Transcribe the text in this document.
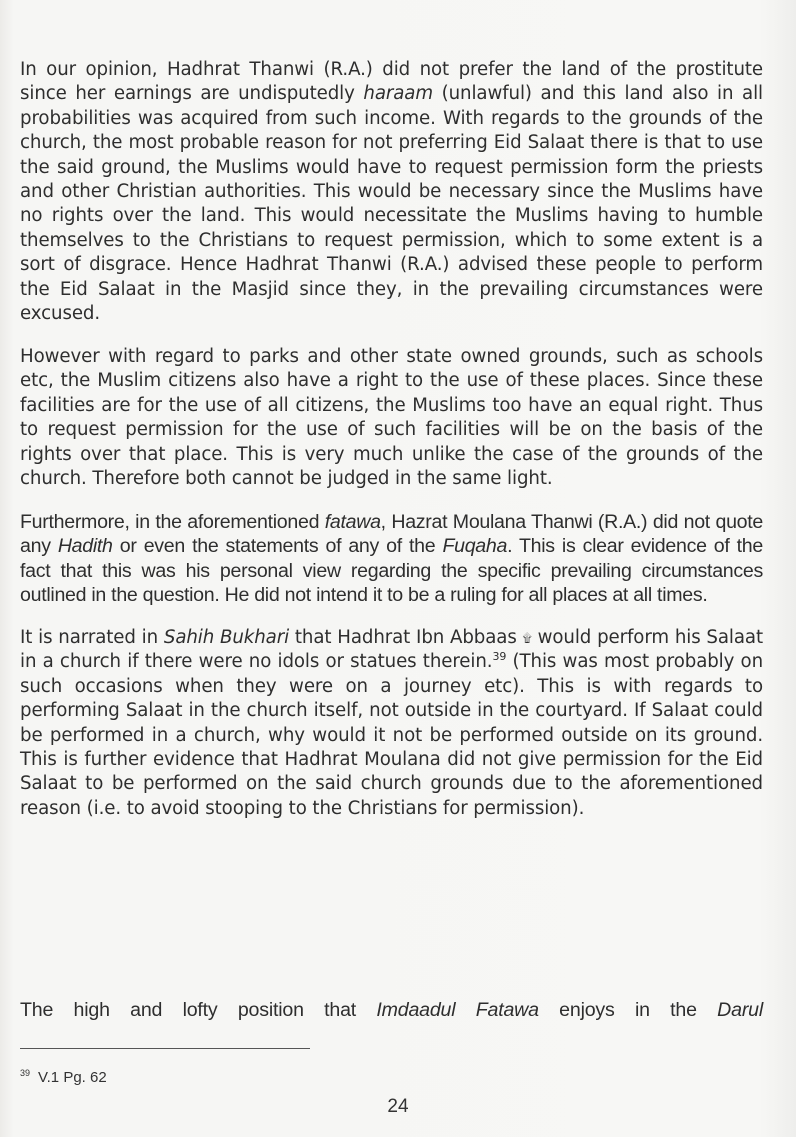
In our opinion, Hadhrat Thanwi (R.A.) did not prefer the land of the prostitute since her earnings are undisputedly haraam (unlawful) and this land also in all probabilities was acquired from such income. With regards to the grounds of the church, the most probable reason for not preferring Eid Salaat there is that to use the said ground, the Muslims would have to request permission form the priests and other Christian authorities. This would be necessary since the Muslims have no rights over the land. This would necessitate the Muslims having to humble themselves to the Christians to request permission, which to some extent is a sort of disgrace. Hence Hadhrat Thanwi (R.A.) advised these people to perform the Eid Salaat in the Masjid since they, in the prevailing circumstances were excused.

However with regard to parks and other state owned grounds, such as schools etc, the Muslim citizens also have a right to the use of these places. Since these facilities are for the use of all citizens, the Muslims too have an equal right. Thus to request permission for the use of such facilities will be on the basis of the rights over that place. This is very much unlike the case of the grounds of the church. Therefore both cannot be judged in the same light.

Furthermore, in the aforementioned fatawa, Hazrat Moulana Thanwi (R.A.) did not quote any Hadith or even the statements of any of the Fuqaha. This is clear evidence of the fact that this was his personal view regarding the specific prevailing circumstances outlined in the question. He did not intend it to be a ruling for all places at all times.

It is narrated in Sahih Bukhari that Hadhrat Ibn Abbaas ۩ would perform his Salaat in a church if there were no idols or statues therein.$^{39}$ (This was most probably on such occasions when they were on a journey etc). This is with regards to performing Salaat in the church itself, not outside in the courtyard. If Salaat could be performed in a church, why would it not be performed outside on its ground. This is further evidence that Hadhrat Moulana did not give permission for the Eid Salaat to be performed on the said church grounds due to the aforementioned reason (i.e. to avoid stooping to the Christians for permission).

The high and lofty position that Imdaadul Fatawa enjoys in the Darul
$^{39}$ V.1 Pg. 62
24
